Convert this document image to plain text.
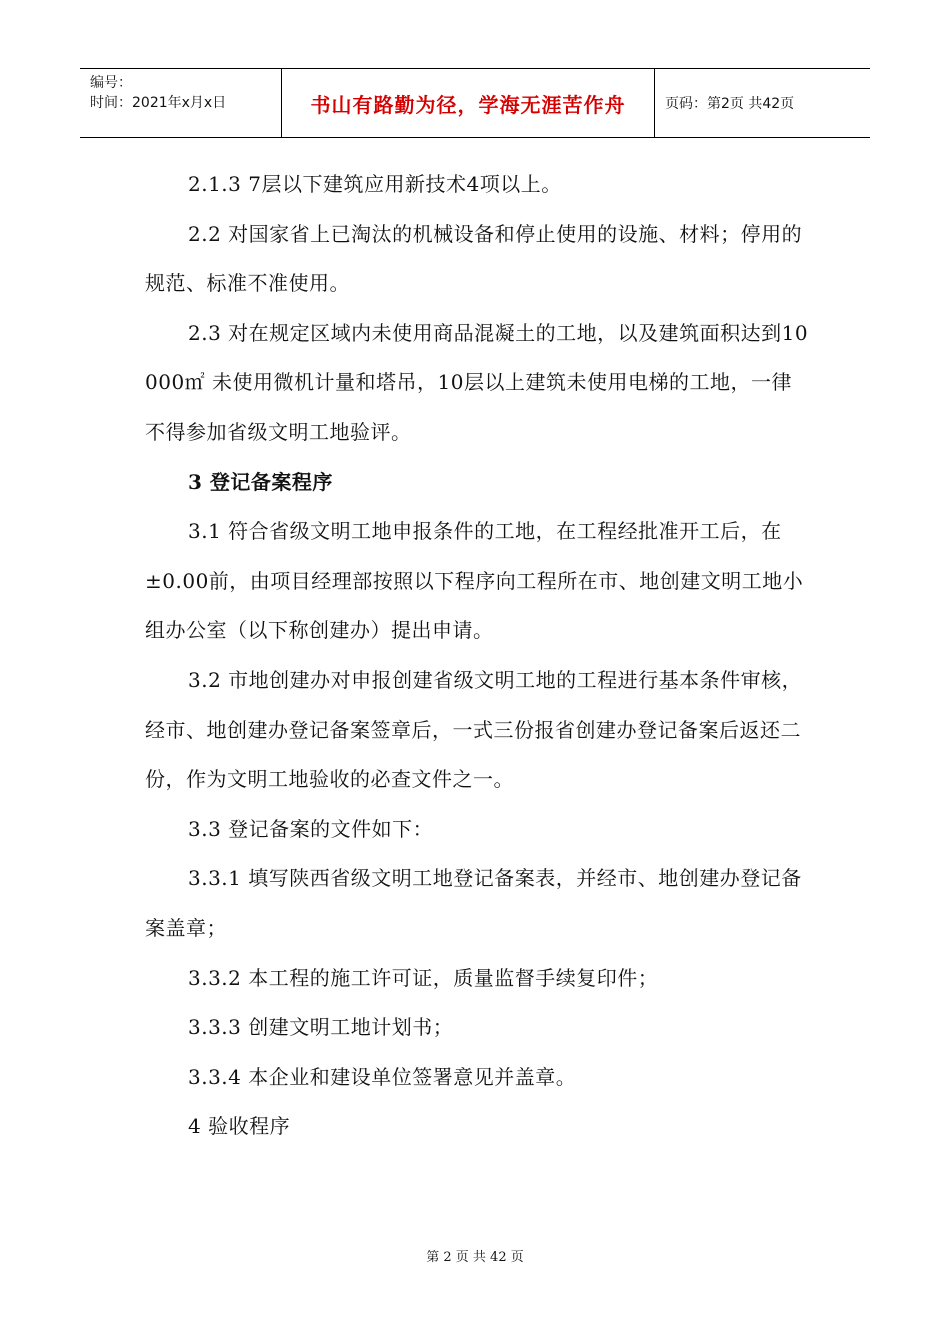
编号：
时间：2021年x月x日	书山有路勤为径，学海无涯苦作舟	页码：第2页 共42页

2.1.3 7层以下建筑应用新技术4项以上。

2.2 对国家省上已淘汰的机械设备和停止使用的设施、材料；停用的规范、标准不准使用。

2.3 对在规定区域内未使用商品混凝土的工地，以及建筑面积达到10000㎡ 未使用微机计量和塔吊，10层以上建筑未使用电梯的工地，一律不得参加省级文明工地验评。

3 登记备案程序

3.1 符合省级文明工地申报条件的工地，在工程经批准开工后，在±0.00前，由项目经理部按照以下程序向工程所在市、地创建文明工地小组办公室（以下称创建办）提出申请。

3.2 市地创建办对申报创建省级文明工地的工程进行基本条件审核，经市、地创建办登记备案签章后，一式三份报省创建办登记备案后返还二份，作为文明工地验收的必查文件之一。

3.3 登记备案的文件如下：

3.3.1 填写陕西省级文明工地登记备案表，并经市、地创建办登记备案盖章；

3.3.2 本工程的施工许可证，质量监督手续复印件；

3.3.3 创建文明工地计划书；

3.3.4 本企业和建设单位签署意见并盖章。

4 验收程序

第 2 页 共 42 页
